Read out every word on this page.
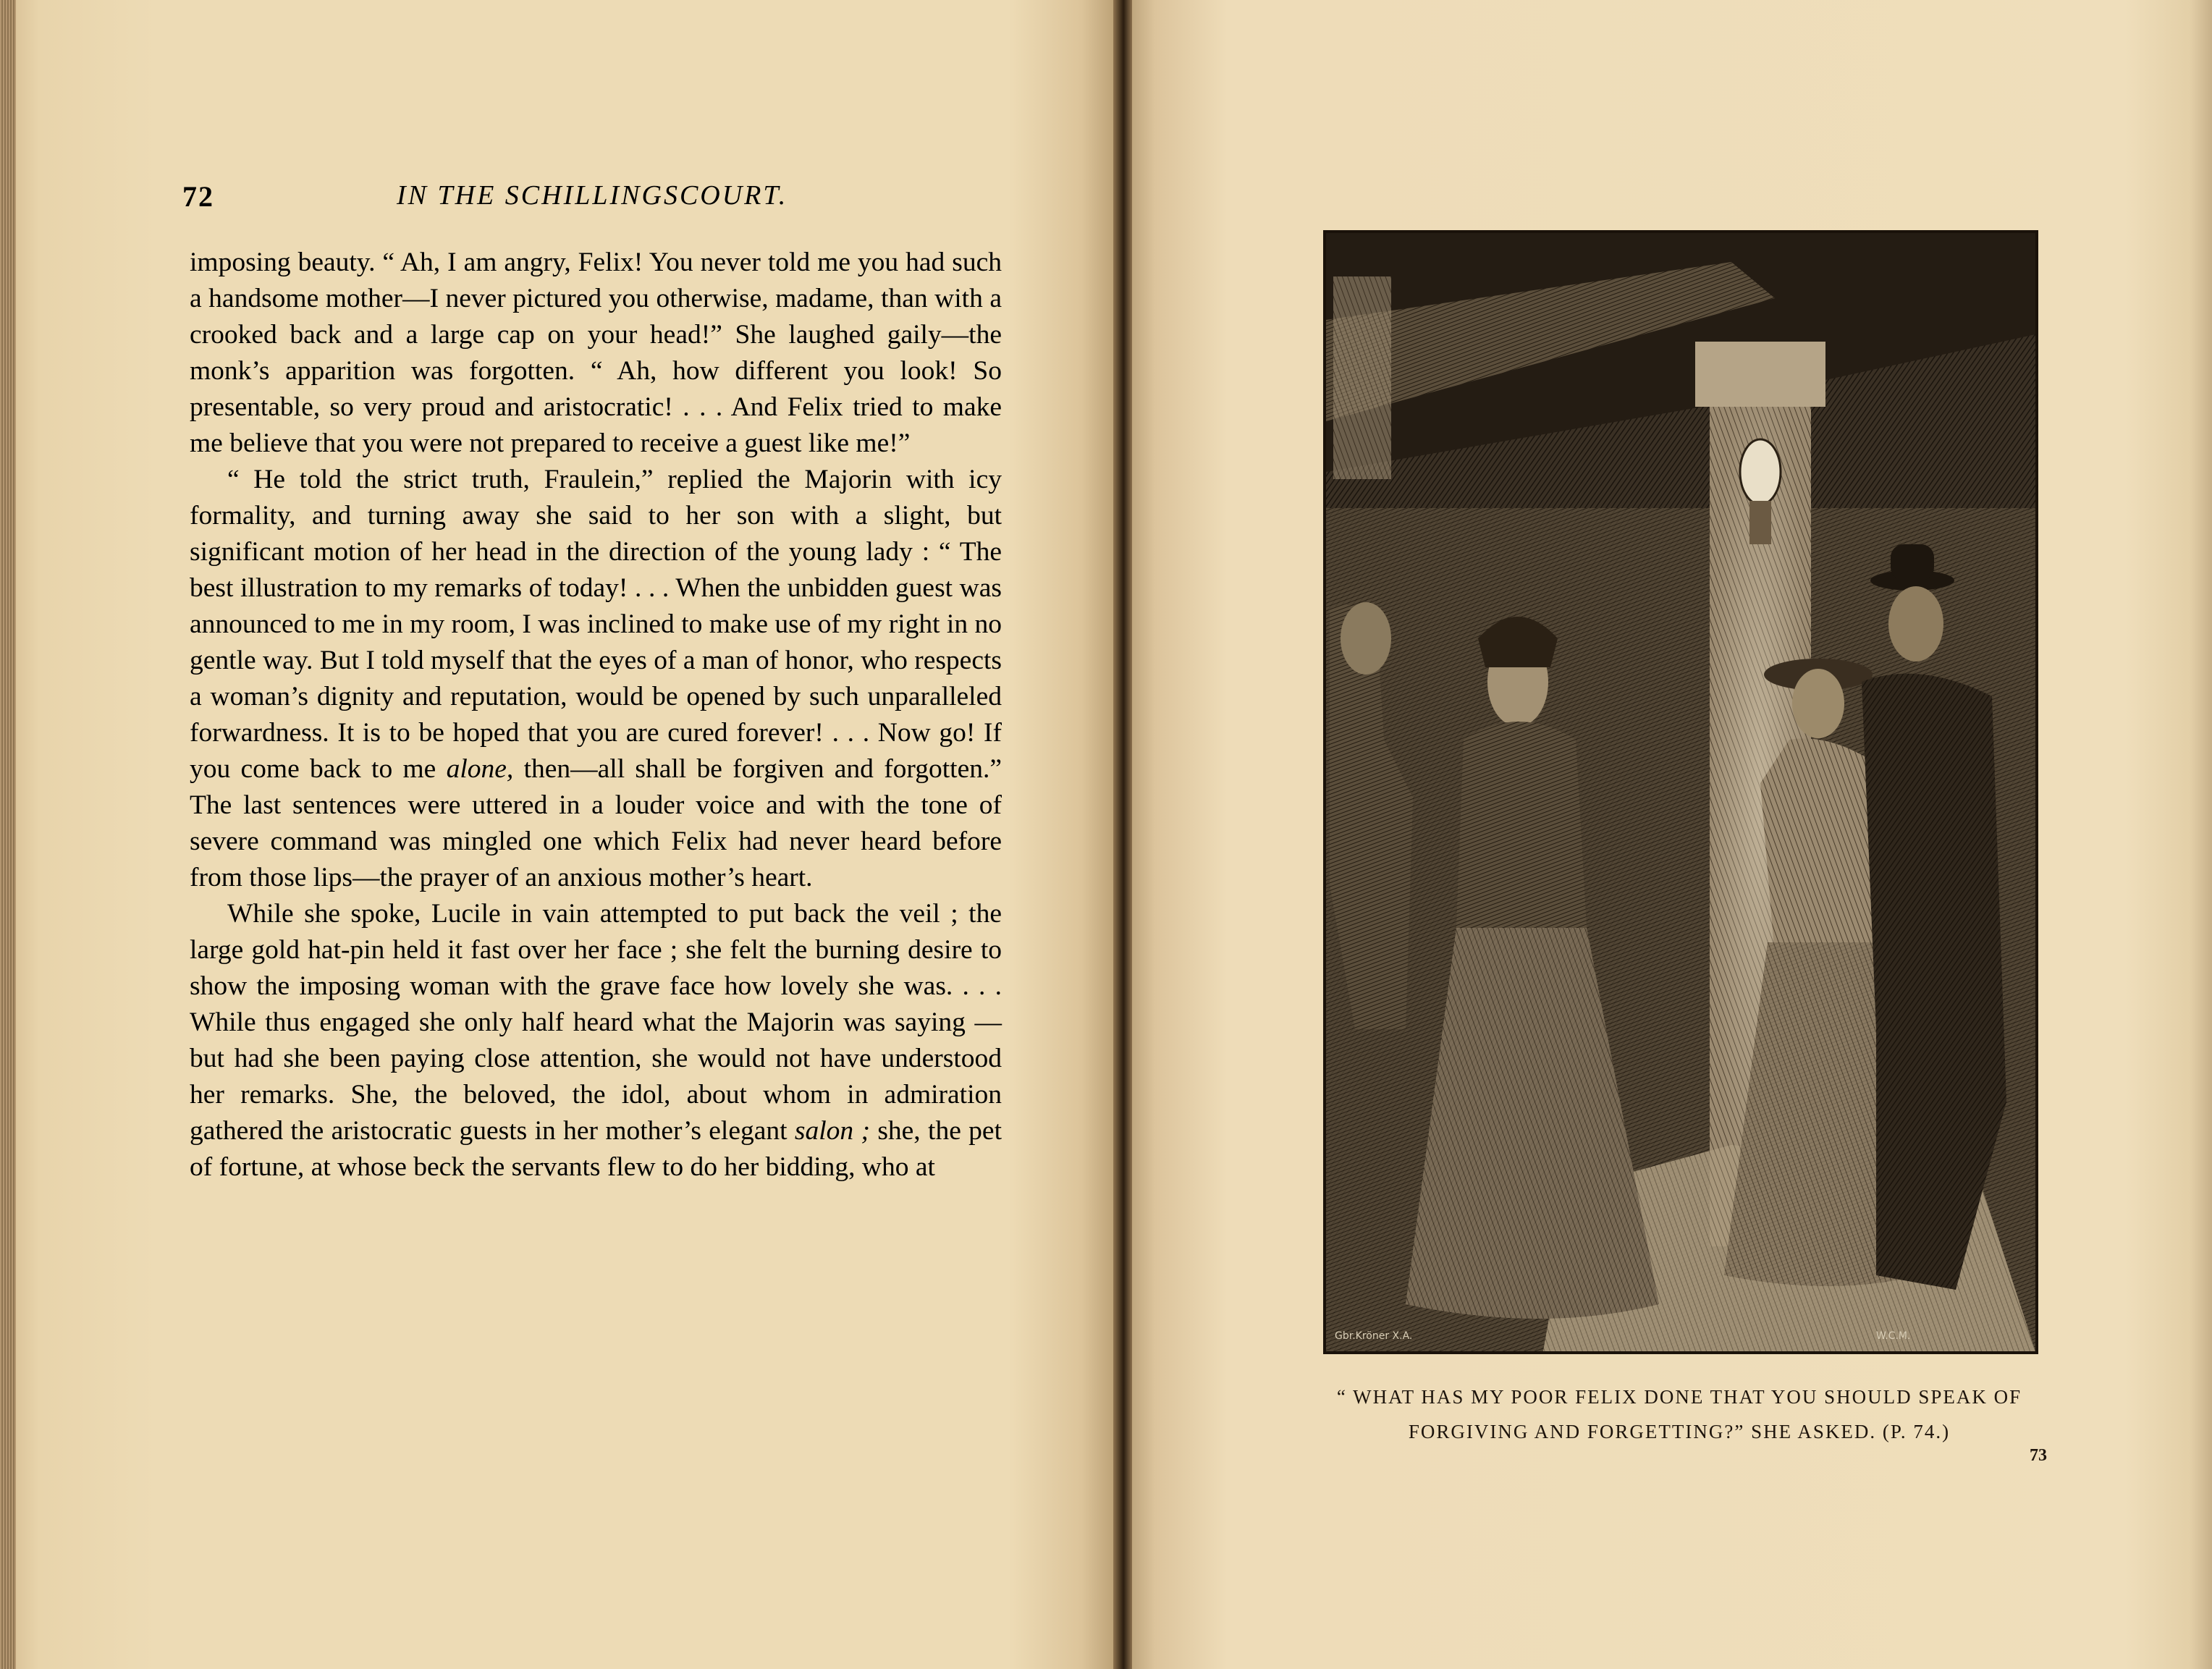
72	IN THE SCHILLINGSCOURT.

imposing beauty. “ Ah, I am angry, Felix! You never told me you had such a handsome mother—I never pictured you otherwise, madame, than with a crooked back and a large cap on your head!” She laughed gaily—the monk’s apparition was forgotten. “ Ah, how different you look! So presentable, so very proud and aristocratic! . . . And Felix tried to make me believe that you were not prepared to receive a guest like me!”

“ He told the strict truth, Fraulein,” replied the Majorin with icy formality, and turning away she said to her son with a slight, but significant motion of her head in the direction of the young lady : “ The best illustration to my remarks of today! . . . When the unbidden guest was announced to me in my room, I was inclined to make use of my right in no gentle way. But I told myself that the eyes of a man of honor, who respects a woman’s dignity and reputation, would be opened by such unparalleled forwardness. It is to be hoped that you are cured forever! . . . Now go! If you come back to me alone, then—all shall be forgiven and forgotten.” The last sentences were uttered in a louder voice and with the tone of severe command was mingled one which Felix had never heard before from those lips—the prayer of an anxious mother’s heart.

While she spoke, Lucile in vain attempted to put back the veil ; the large gold hat-pin held it fast over her face ; she felt the burning desire to show the imposing woman with the grave face how lovely she was. . . . While thus engaged she only half heard what the Majorin was saying —but had she been paying close attention, she would not have understood her remarks. She, the beloved, the idol, about whom in admiration gathered the aristocratic guests in her mother’s elegant salon ; she, the pet of fortune, at whose beck the servants flew to do her bidding, who at

Gbr.Kröner X.A.	W.C.M.
“ WHAT HAS MY POOR FELIX DONE THAT YOU SHOULD SPEAK OF
FORGIVING AND FORGETTING?” SHE ASKED. (P. 74.)
73
